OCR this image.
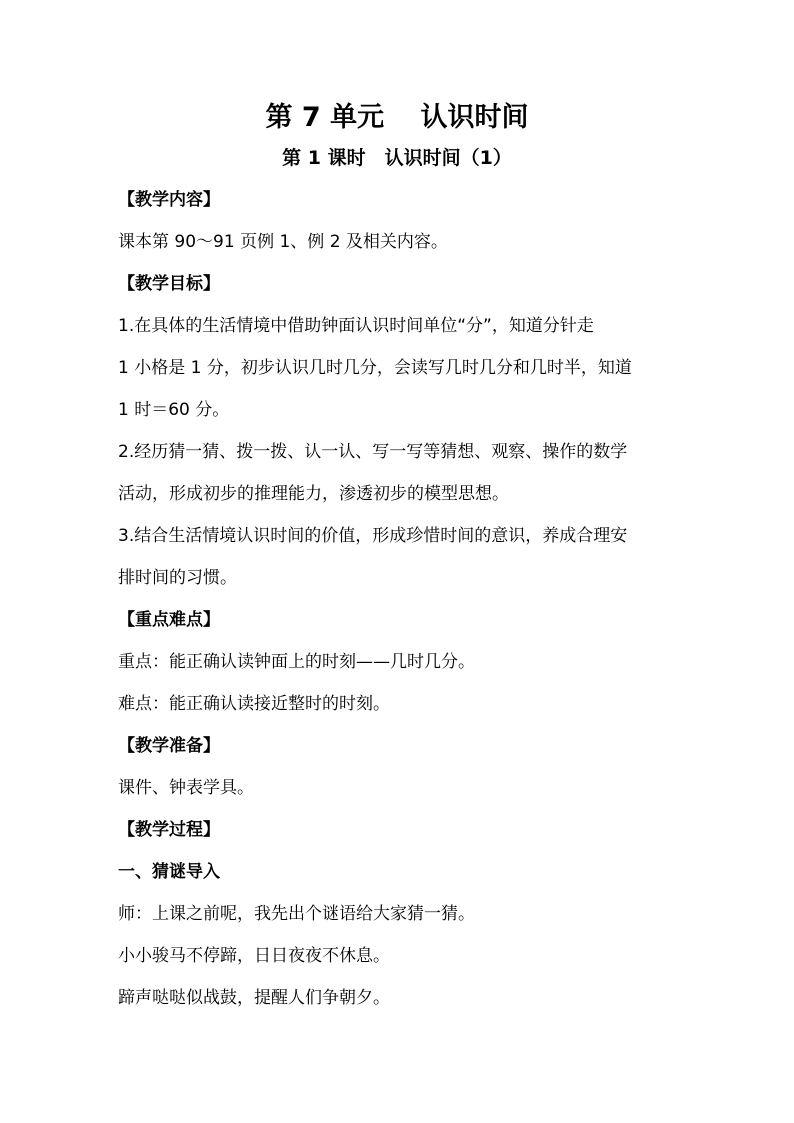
第 7 单元　 认识时间
第 1 课时　认识时间（1）
【教学内容】
课本第 90～91 页例 1、例 2 及相关内容。
【教学目标】
1.在具体的生活情境中借助钟面认识时间单位“分”，知道分针走
1 小格是 1 分，初步认识几时几分，会读写几时几分和几时半，知道
1 时＝60 分。
2.经历猜一猜、拨一拨、认一认、写一写等猜想、观察、操作的数学
活动，形成初步的推理能力，渗透初步的模型思想。
3.结合生活情境认识时间的价值，形成珍惜时间的意识，养成合理安
排时间的习惯。
【重点难点】
重点：能正确认读钟面上的时刻——几时几分。
难点：能正确认读接近整时的时刻。
【教学准备】
课件、钟表学具。
【教学过程】
一、猜谜导入
师：上课之前呢，我先出个谜语给大家猜一猜。
小小骏马不停蹄，日日夜夜不休息。
蹄声哒哒似战鼓，提醒人们争朝夕。
